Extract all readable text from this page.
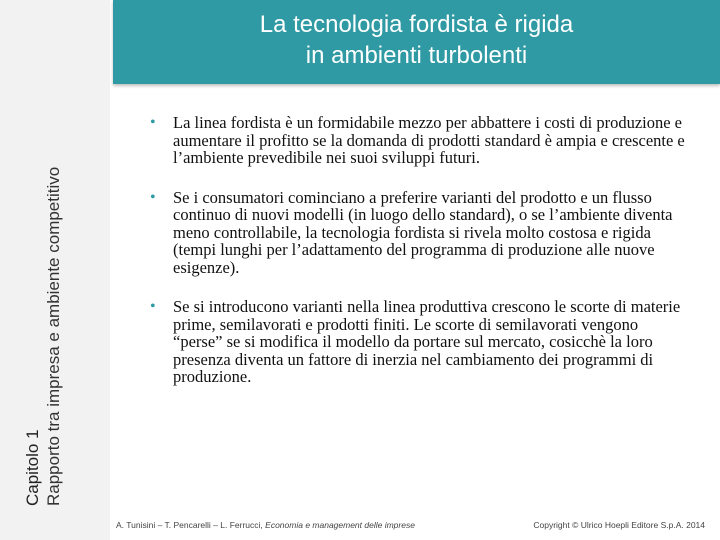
Capitolo 1 Rapporto tra impresa e ambiente competitivo
La tecnologia fordista è rigida
in ambienti turbolenti
• La linea fordista è un formidabile mezzo per abbattere i costi di produzione e aumentare il profitto se la domanda di prodotti standard è ampia e crescente e l’ambiente prevedibile nei suoi sviluppi futuri.
• Se i consumatori cominciano a preferire varianti del prodotto e un flusso continuo di nuovi modelli (in luogo dello standard), o se l’ambiente diventa meno controllabile, la tecnologia fordista si rivela molto costosa e rigida (tempi lunghi per l’adattamento del programma di produzione alle nuove esigenze).
• Se si introducono varianti nella linea produttiva crescono le scorte di materie prime, semilavorati e prodotti finiti. Le scorte di semilavorati vengono “perse” se si modifica il modello da portare sul mercato, cosicchè la loro presenza diventa un fattore di inerzia nel cambiamento dei programmi di produzione.
A. Tunisini – T. Pencarelli – L. Ferrucci, Economia e management delle imprese	Copyright © Ulrico Hoepli Editore S.p.A. 2014
